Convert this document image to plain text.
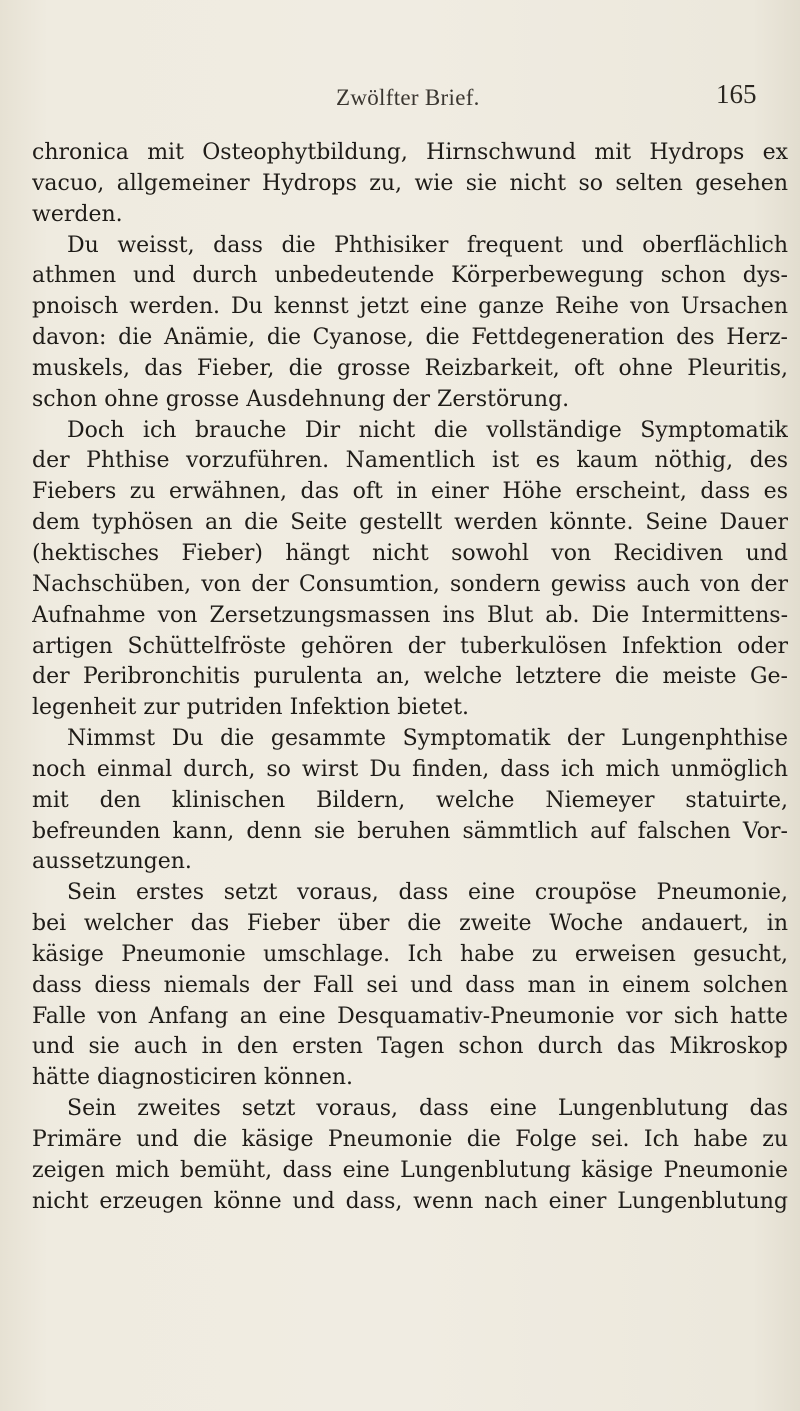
Zwölfter Brief.	165
chronica mit Osteophytbildung, Hirnschwund mit Hydrops ex
vacuo, allgemeiner Hydrops zu, wie sie nicht so selten gesehen
werden.
Du weisst, dass die Phthisiker frequent und oberflächlich
athmen und durch unbedeutende Körperbewegung schon dys-
pnoisch werden. Du kennst jetzt eine ganze Reihe von Ursachen
davon: die Anämie, die Cyanose, die Fettdegeneration des Herz-
muskels, das Fieber, die grosse Reizbarkeit, oft ohne Pleuritis,
schon ohne grosse Ausdehnung der Zerstörung.
Doch ich brauche Dir nicht die vollständige Symptomatik
der Phthise vorzuführen. Namentlich ist es kaum nöthig, des
Fiebers zu erwähnen, das oft in einer Höhe erscheint, dass es
dem typhösen an die Seite gestellt werden könnte. Seine Dauer
(hektisches Fieber) hängt nicht sowohl von Recidiven und
Nachschüben, von der Consumtion, sondern gewiss auch von der
Aufnahme von Zersetzungsmassen ins Blut ab. Die Intermittens-
artigen Schüttelfröste gehören der tuberkulösen Infektion oder
der Peribronchitis purulenta an, welche letztere die meiste Ge-
legenheit zur putriden Infektion bietet.
Nimmst Du die gesammte Symptomatik der Lungenphthise
noch einmal durch, so wirst Du finden, dass ich mich unmöglich
mit den klinischen Bildern, welche Niemeyer statuirte,
befreunden kann, denn sie beruhen sämmtlich auf falschen Vor-
aussetzungen.
Sein erstes setzt voraus, dass eine croupöse Pneumonie,
bei welcher das Fieber über die zweite Woche andauert, in
käsige Pneumonie umschlage. Ich habe zu erweisen gesucht,
dass diess niemals der Fall sei und dass man in einem solchen
Falle von Anfang an eine Desquamativ-Pneumonie vor sich hatte
und sie auch in den ersten Tagen schon durch das Mikroskop
hätte diagnosticiren können.
Sein zweites setzt voraus, dass eine Lungenblutung das
Primäre und die käsige Pneumonie die Folge sei. Ich habe zu
zeigen mich bemüht, dass eine Lungenblutung käsige Pneumonie
nicht erzeugen könne und dass, wenn nach einer Lungenblutung
